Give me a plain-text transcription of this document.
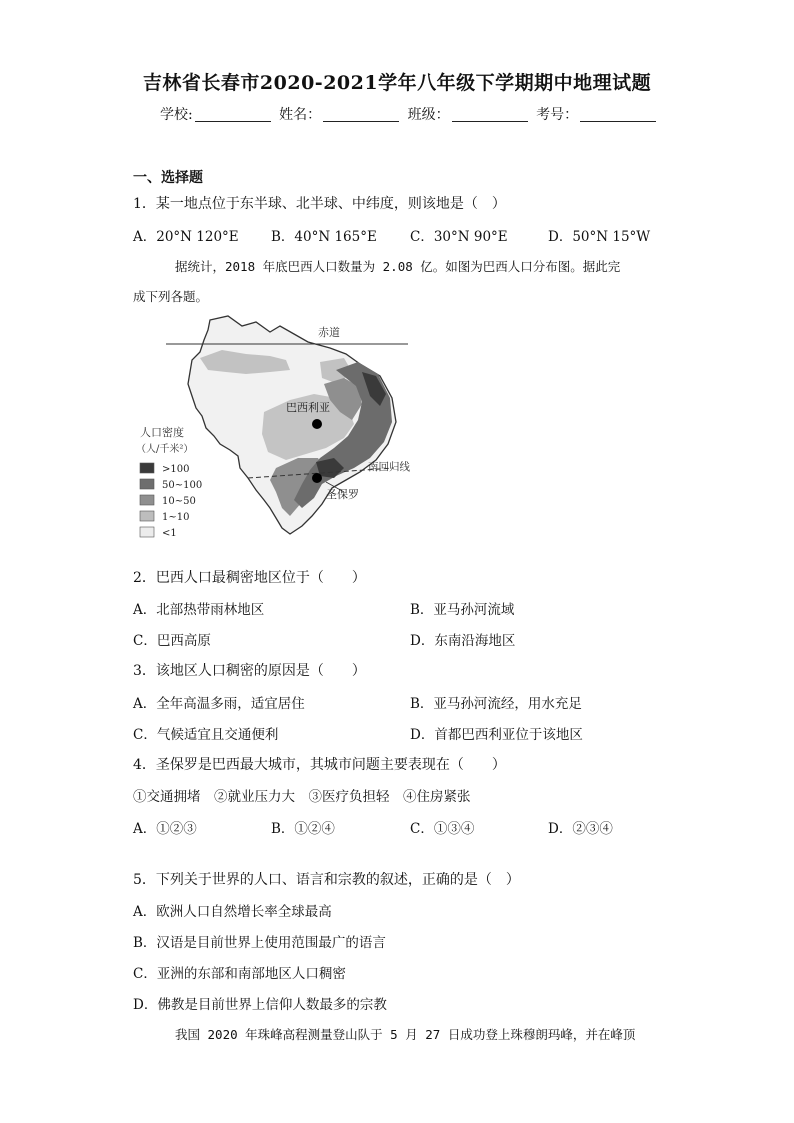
吉林省长春市2020-2021学年八年级下学期期中地理试题
学校:	姓名：	班级：	考号：
一、选择题
1．某一地点位于东半球、北半球、中纬度，则该地是（　）
A．20°N 120°E B．40°N 165°E C．30°N 90°E	D．50°N 15°W
据统计，2018 年底巴西人口数量为 2.08 亿。如图为巴西人口分布图。据此完
成下列各题。
赤道
巴西利亚
南回归线
圣保罗
人口密度
（人/千米²）
>100
50~100
10~50
1~10
<1
2．巴西人口最稠密地区位于（　　）
A．北部热带雨林地区	B．亚马孙河流域
C．巴西高原	D．东南沿海地区
3．该地区人口稠密的原因是（　　）
A．全年高温多雨，适宜居住	B．亚马孙河流经，用水充足
C．气候适宜且交通便利	D．首都巴西利亚位于该地区
4．圣保罗是巴西最大城市，其城市问题主要表现在（　　）
①交通拥堵　②就业压力大　③医疗负担轻　④住房紧张
A．①②③	B．①②④	C．①③④	D．②③④
5．下列关于世界的人口、语言和宗教的叙述，正确的是（　）
A．欧洲人口自然增长率全球最高
B．汉语是目前世界上使用范围最广的语言
C．亚洲的东部和南部地区人口稠密
D．佛教是目前世界上信仰人数最多的宗教
我国 2020 年珠峰高程测量登山队于 5 月 27 日成功登上珠穆朗玛峰，并在峰顶
